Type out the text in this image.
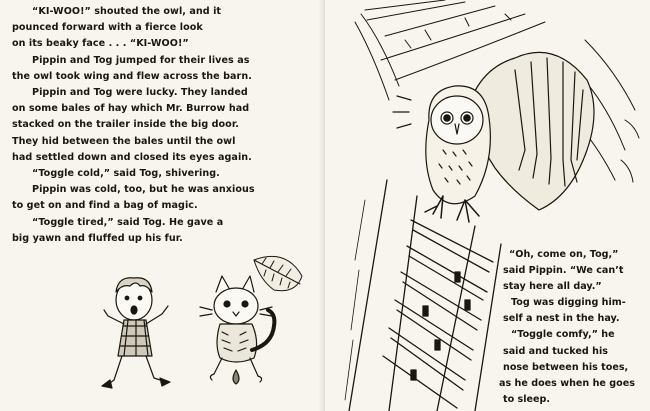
“KI-WOO!” shouted the owl, and it

pounced forward with a fierce look

on its beaky face . . . “KI-WOO!”

Pippin and Tog jumped for their lives as

the owl took wing and flew across the barn.

Pippin and Tog were lucky. They landed

on some bales of hay which Mr. Burrow had

stacked on the trailer inside the big door.

They hid between the bales until the owl

had settled down and closed its eyes again.

“Toggle cold,” said Tog, shivering.

Pippin was cold, too, but he was anxious

to get on and find a bag of magic.

“Toggle tired,” said Tog. He gave a

big yawn and fluffed up his fur.

“Oh, come on, Tog,”

said Pippin. “We can’t

stay here all day.”

Tog was digging him-

self a nest in the hay.

“Toggle comfy,” he

said and tucked his

nose between his toes,

as he does when he goes

to sleep.
